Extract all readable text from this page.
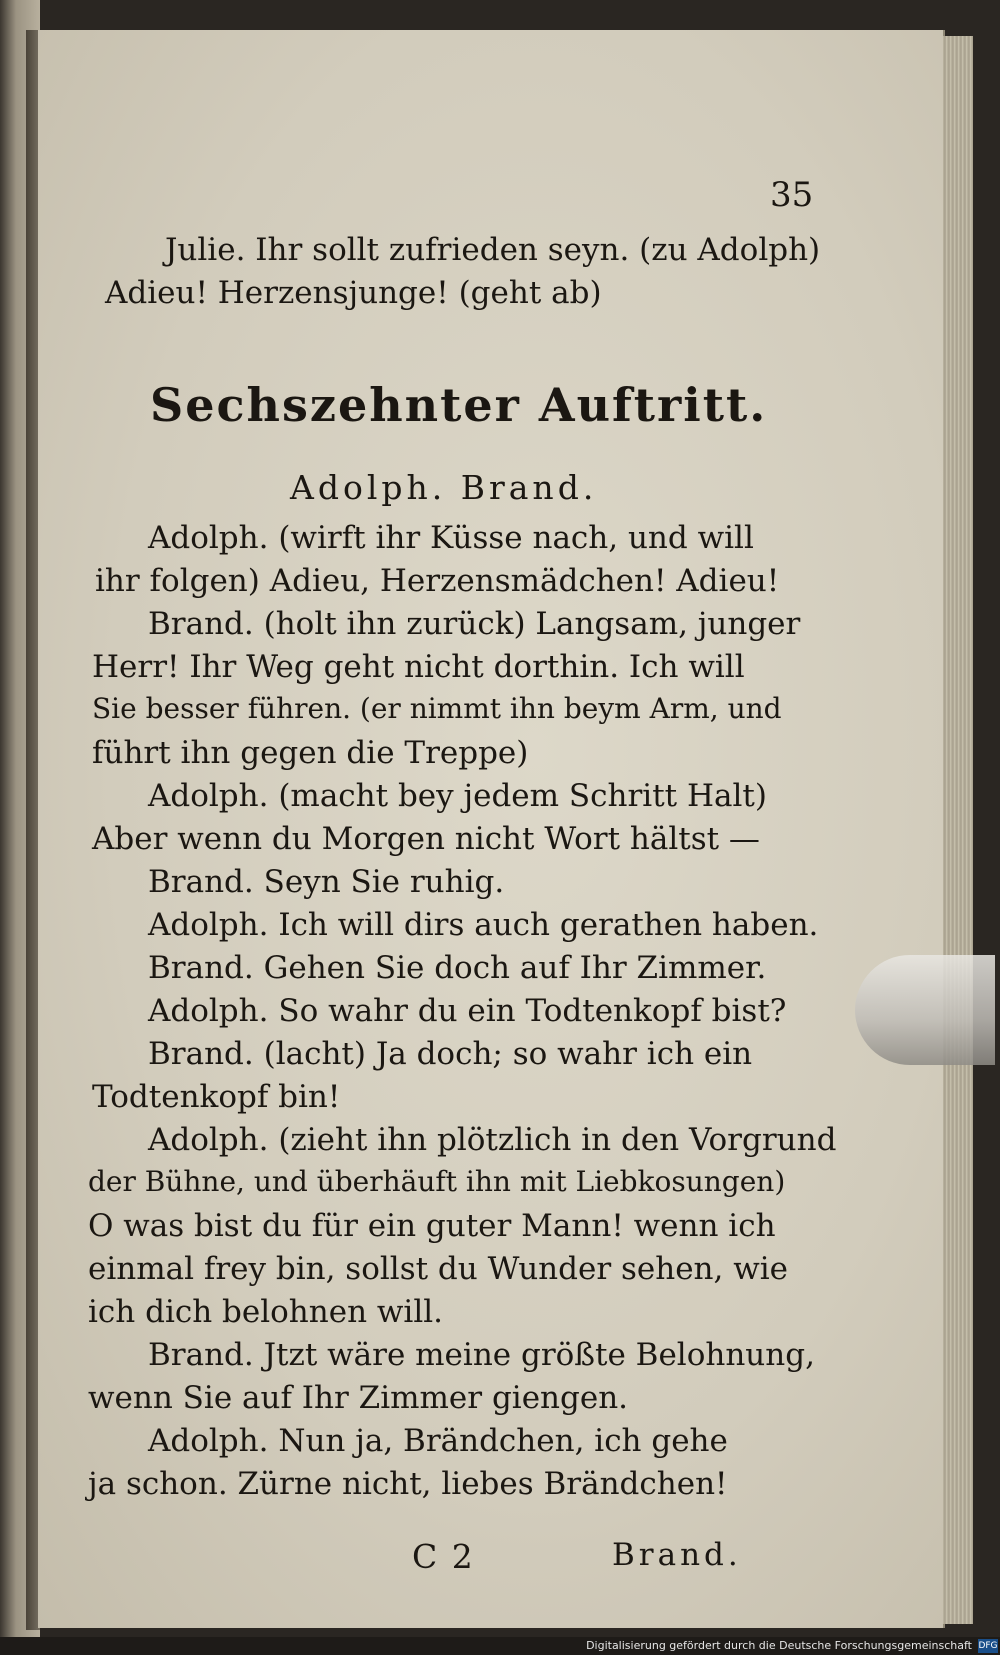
35
Julie. Ihr sollt zufrieden seyn. (zu Adolph)
Adieu! Herzensjunge! (geht ab)
Sechszehnter Auftritt.
Adolph. Brand.
Adolph. (wirft ihr Küsse nach, und will
ihr folgen) Adieu, Herzensmädchen! Adieu!
Brand. (holt ihn zurück) Langsam, junger
Herr! Ihr Weg geht nicht dorthin. Ich will
Sie besser führen. (er nimmt ihn beym Arm, und
führt ihn gegen die Treppe)
Adolph. (macht bey jedem Schritt Halt)
Aber wenn du Morgen nicht Wort hältst —
Brand. Seyn Sie ruhig.
Adolph. Ich will dirs auch gerathen haben.
Brand. Gehen Sie doch auf Ihr Zimmer.
Adolph. So wahr du ein Todtenkopf bist?
Brand. (lacht) Ja doch; so wahr ich ein
Todtenkopf bin!
Adolph. (zieht ihn plötzlich in den Vorgrund
der Bühne, und überhäuft ihn mit Liebkosungen)
O was bist du für ein guter Mann! wenn ich
einmal frey bin, sollst du Wunder sehen, wie
ich dich belohnen will.
Brand. Jtzt wäre meine größte Belohnung,
wenn Sie auf Ihr Zimmer giengen.
Adolph. Nun ja, Brändchen, ich gehe
ja schon. Zürne nicht, liebes Brändchen!
C 2	Brand.
Digitalisierung gefördert durch die Deutsche Forschungsgemeinschaft DFG
